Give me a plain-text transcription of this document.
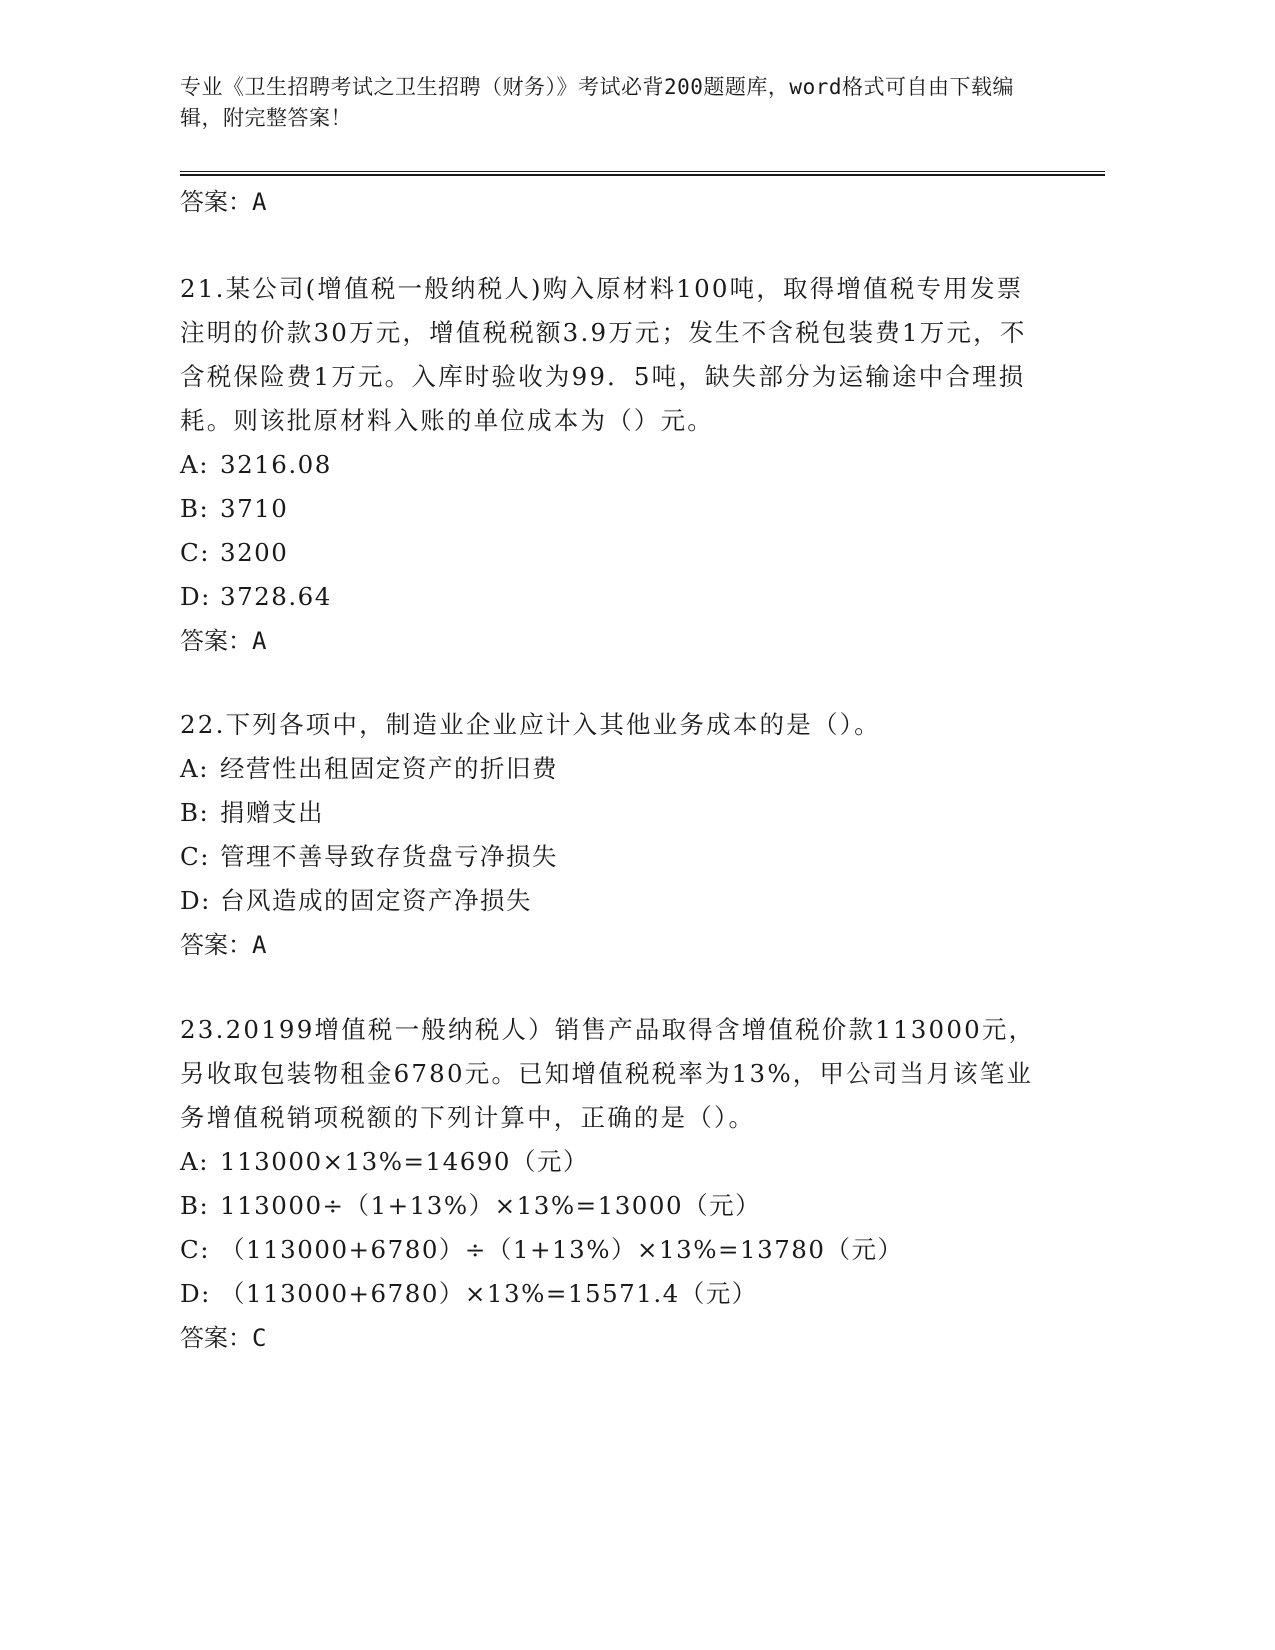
专业《卫生招聘考试之卫生招聘（财务）》考试必背200题题库，word格式可自由下载编辑，附完整答案！
答案：A
21.某公司(增值税一般纳税人)购入原材料100吨，取得增值税专用发票注明的价款30万元，增值税税额3.9万元；发生不含税包装费1万元，不含税保险费1万元。入库时验收为99．5吨，缺失部分为运输途中合理损耗。则该批原材料入账的单位成本为（）元。
A: 3216.08
B: 3710
C: 3200
D: 3728.64
答案：A
22.下列各项中，制造业企业应计入其他业务成本的是（）。
A: 经营性出租固定资产的折旧费
B: 捐赠支出
C: 管理不善导致存货盘亏净损失
D: 台风造成的固定资产净损失
答案：A
23.20199增值税一般纳税人）销售产品取得含增值税价款113000元，另收取包装物租金6780元。已知增值税税率为13%，甲公司当月该笔业务增值税销项税额的下列计算中，正确的是（）。
A: 113000×13%=14690（元）
B: 113000÷（1+13%）×13%=13000（元）
C: （113000+6780）÷（1+13%）×13%=13780（元）
D: （113000+6780）×13%=15571.4（元）
答案：C
